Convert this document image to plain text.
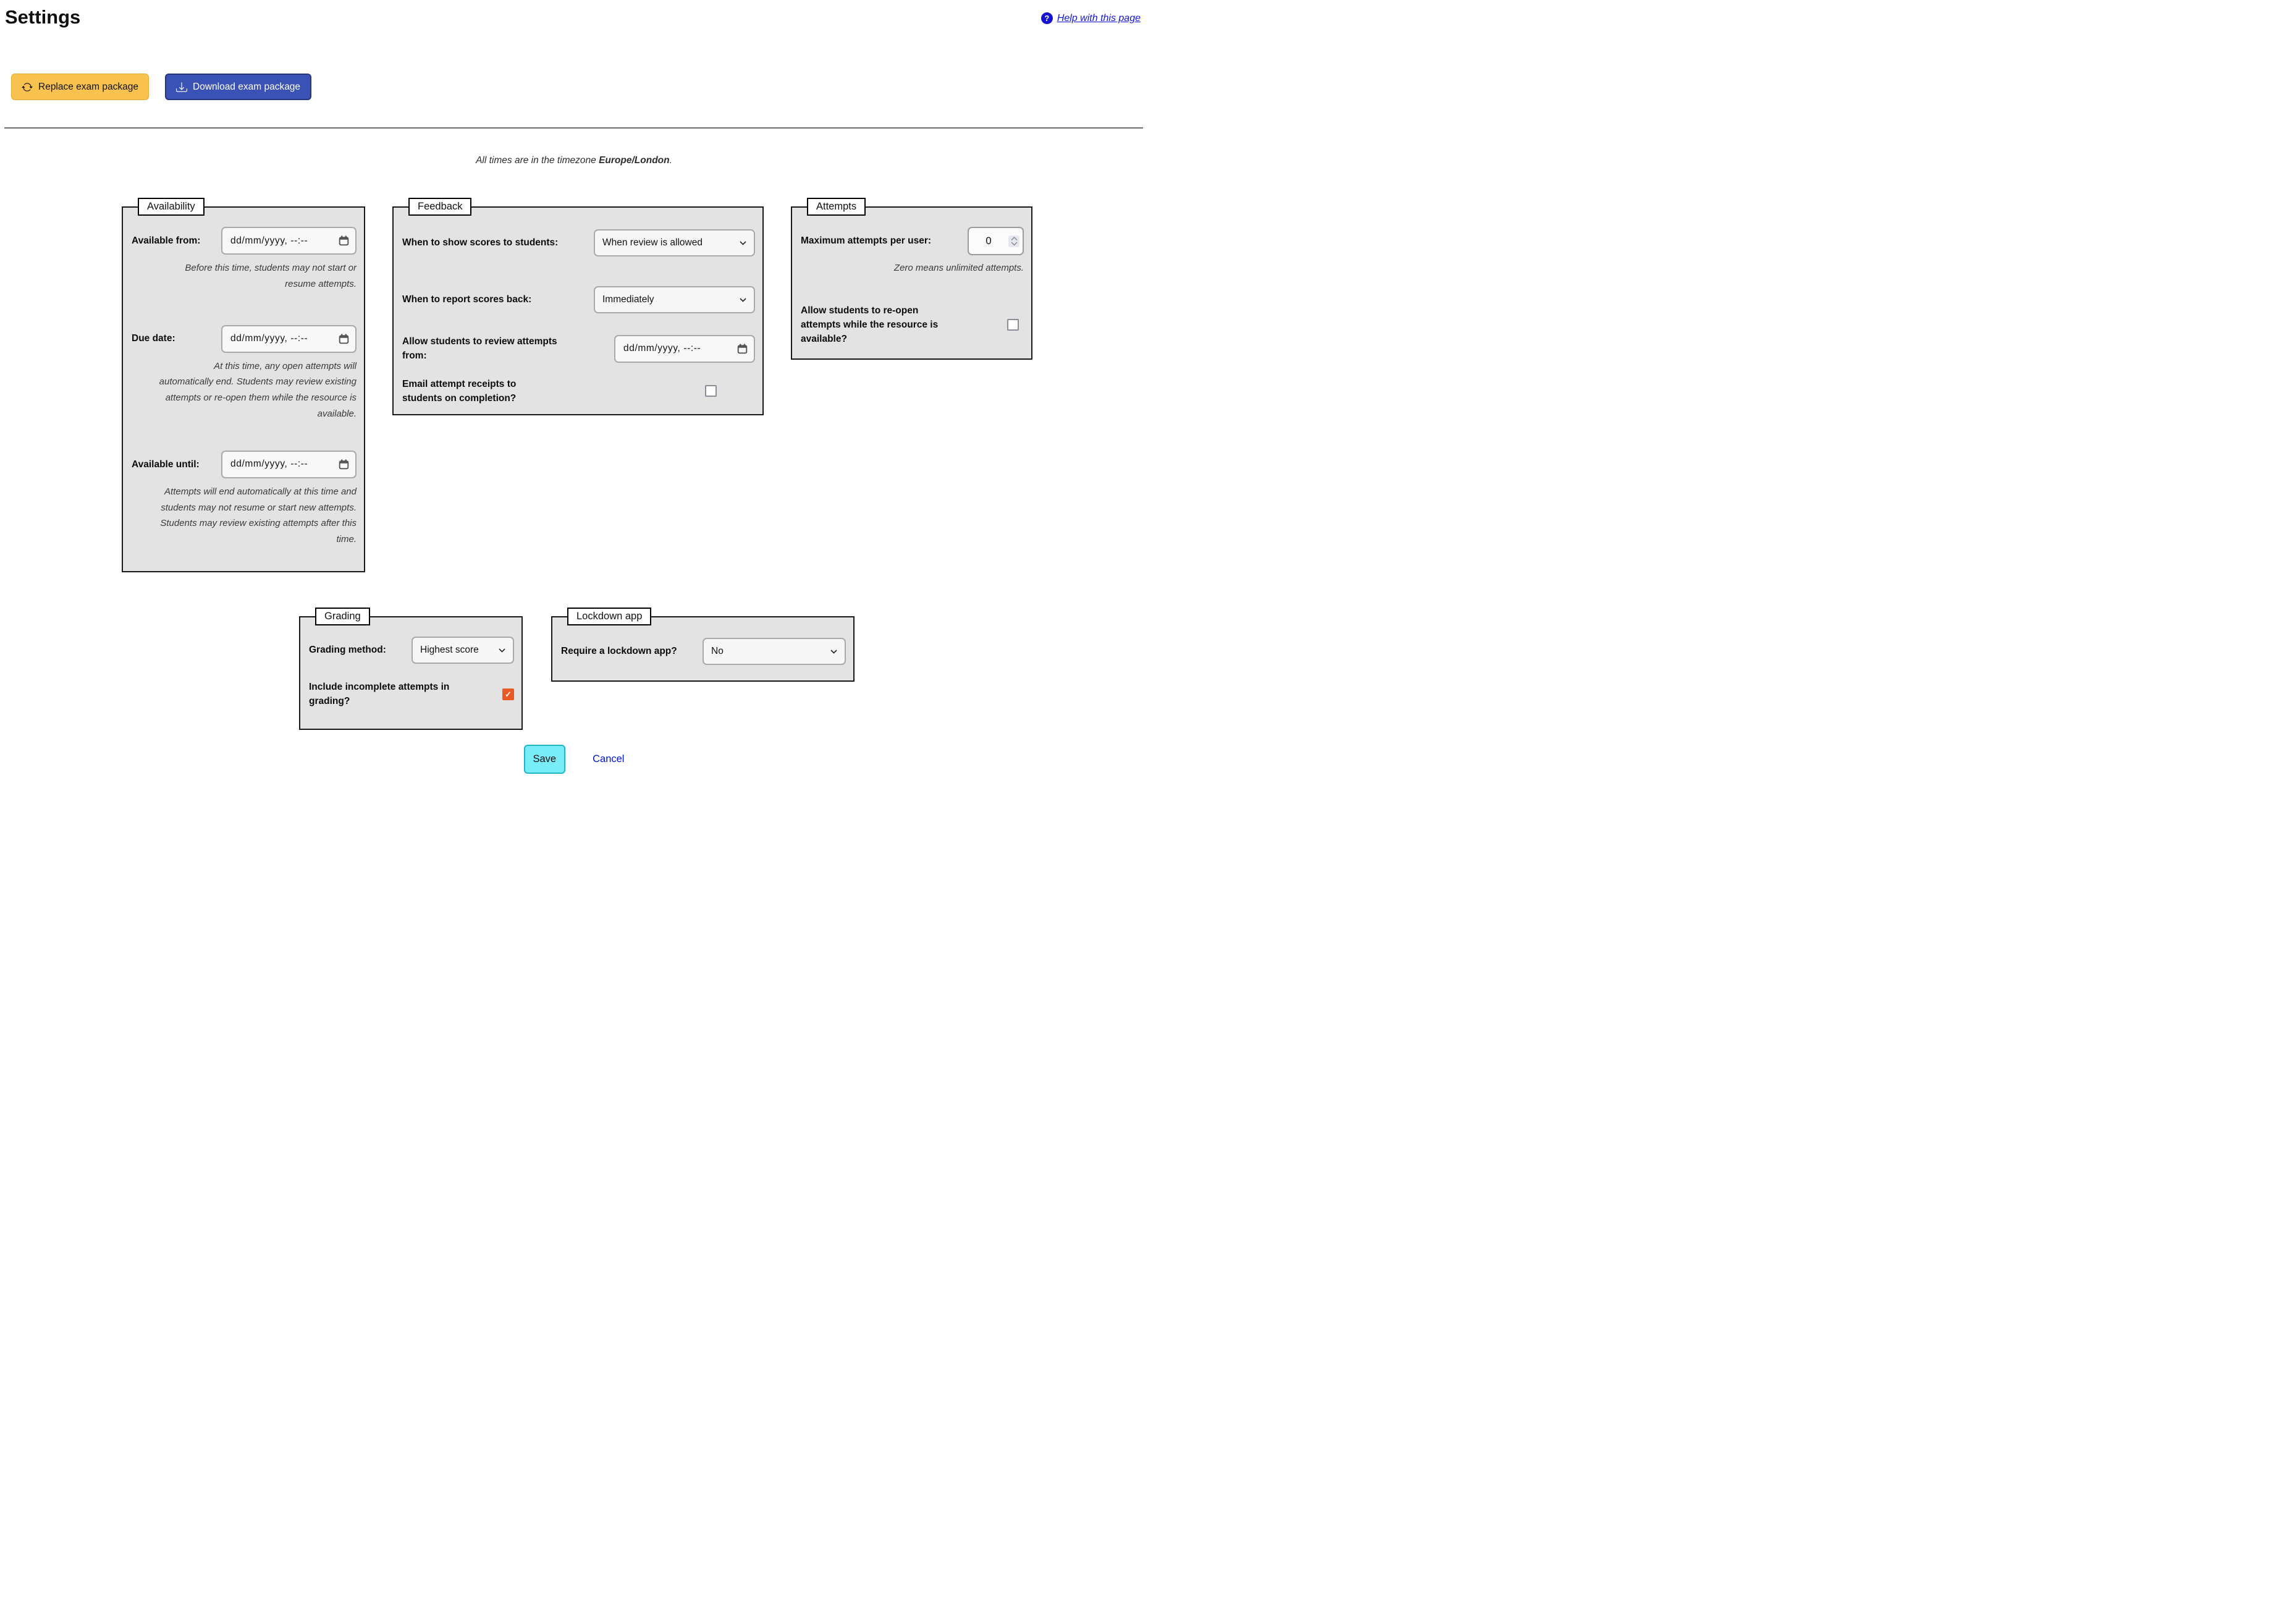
Settings	? Help with this page
Replace exam package	Download exam package
All times are in the timezone Europe/London.
Availability
Available from:	dd/mm/yyyy, --:--
Before this time, students may not start or resume attempts.
Due date:	dd/mm/yyyy, --:--
At this time, any open attempts will automatically end. Students may review existing attempts or re-open them while the resource is available.
Available until:	dd/mm/yyyy, --:--
Attempts will end automatically at this time and students may not resume or start new attempts. Students may review existing attempts after this time.
Feedback
When to show scores to students:	When review is allowed
When to report scores back:	Immediately
Allow students to review attempts from:
dd/mm/yyyy, --:--
Email attempt receipts to students on completion?
Attempts
Maximum attempts per user:	0
Zero means unlimited attempts.
Allow students to re-open attempts while the resource is available?
Grading
Grading method:	Highest score
Include incomplete attempts in grading?
✓
Lockdown app
Require a lockdown app?	No
Save	Cancel
